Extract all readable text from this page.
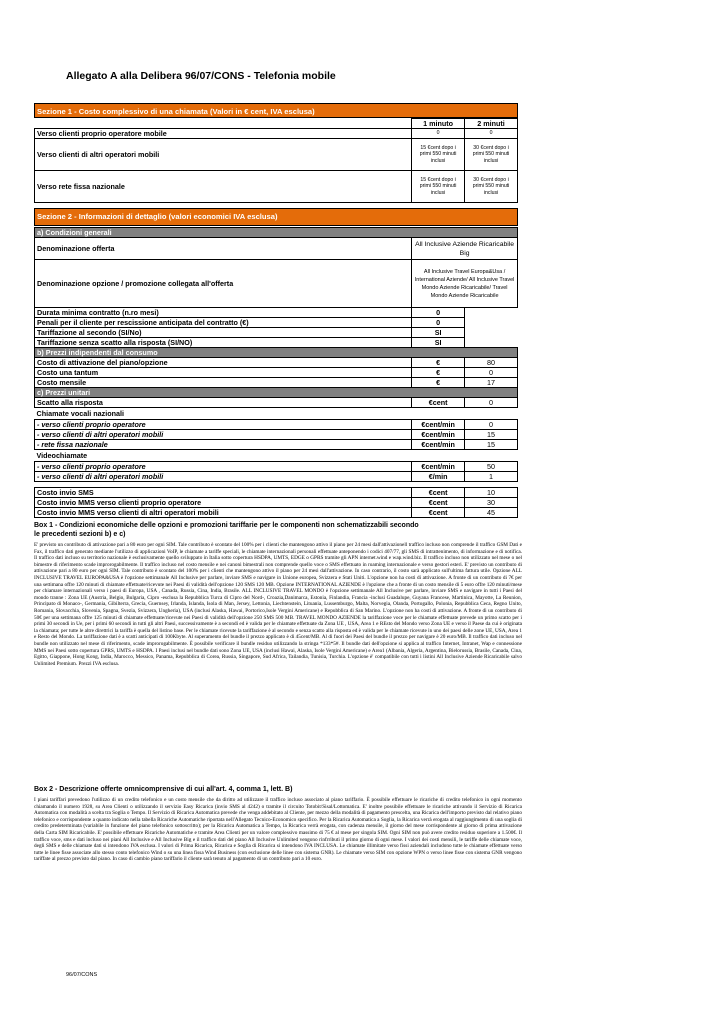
Allegato A alla Delibera 96/07/CONS - Telefonia mobile
Sezione 1 - Costo complessivo di una chiamata (Valori in € cent, IVA esclusa)
	1 minuto	2 minuti
Verso clienti proprio operatore mobile	0	0
Verso clienti di altri operatori mobili	15 €cent dopo i primi 550 minuti inclusi	30 €cent dopo i primi 550 minuti inclusi
Verso rete fissa nazionale	15 €cent dopo i primi 550 minuti inclusi	30 €cent dopo i primi 550 minuti inclusi
Sezione 2 - Informazioni di dettaglio (valori economici IVA esclusa)
a) Condizioni generali		
Denominazione offerta	All Inclusive Aziende Ricaricabile Big	
Denominazione opzione / promozione collegata all'offerta	All Inclusive Travel Europa&Usa / International Aziende/ All Inclusive Travel Mondo Aziende Ricaricabile/ Travel Mondo Aziende Ricaricabile	
Durata minima contratto (n.ro mesi)	0	
Penali per il cliente per rescissione anticipata del contratto (€)	0	
Tariffazione al secondo (SI/No)	SI	
Tariffazione senza scatto alla risposta (SI/NO)	SI	
b) Prezzi indipendenti dal consumo		
Costo di attivazione del piano/opzione	€	80
Costo una tantum	€	0
Costo mensile	€	17
c) Prezzi unitari		
Scatto alla risposta	€cent	0
Chiamate vocali nazionali		
- verso clienti proprio operatore	€cent/min	0
- verso clienti di altri operatori mobili	€cent/min	15
- rete fissa nazionale	€cent/min	15
Videochiamate		
- verso clienti proprio operatore	€cent/min	50
- verso clienti di altri operatori mobili	€/min	1

Costo invio SMS	€cent	10
Costo invio MMS verso clienti proprio operatore	€cent	30
Costo invio MMS verso clienti di altri operatori mobili	€cent	45
Box 1 - Condizioni economiche delle opzioni e promozioni tariffarie per le componenti non schematizzabili secondo le precedenti sezioni b) e c)
E' previsto un contributo di attivazione pari a 80 euro per ogni SIM. Tale contributo è scontato del 100% per i clienti che mantengono attivo il piano per 24 mesi dall'attivazionell traffico incluso non comprende il traffico GSM Dati e Fax, il traffico dati generato mediante l'utilizzo di applicazioni VoIP, le chiamate a tariffe speciali, le chiamate internazionali personali effettuate anteponendo i codici 407/77, gli SMS di intrattenimento, di informazione e di notifica. Il traffico dati incluso su territorio nazionale è esclusivamente quello sviluppato in Italia sotto copertura HSDPA, UMTS, EDGE o GPRS tramite gli APN internet.wind e wap.wind.biz. Il traffico incluso non utilizzato nel mese o nel bimestre di riferimento scade improrogabilmente. Il traffico incluso nel costo mensile e nei canoni bimestrali non comprende quello voce o SMS effettuato in roaming internazionale e verso gestori esteri. E' previsto un contributo di attivazione pari a 80 euro per ogni SIM. Tale contributo è scontato del 100% per i clienti che mantengono attivo il piano per 24 mesi dall'attivazione. In caso contrario, il costo sarà applicato sull'ultima fattura utile. Opzione ALL INCLUSIVE TRAVEL EUROPA&USA è l'opzione settimanale All Inclusive per parlare, inviare SMS e navigare in Unione europea, Svizzera e Stati Uniti. L'opzione non ha costi di attivazione. A fronte di un contributo di 7€ per una settimana offre 120 minuti di chiamate effettuate/ricevute nei Paesi di validità dell'opzione 120 SMS 120 MB. Opzione INTERNATIONAL AZIENDE è l'opzione che a fronte di un costo mensile di 5 euro offre 120 minuti/mese per chiamare internazionali verso i paesi di Europa, USA , Canada, Russia, Cina, India, Brasile. ALL INCLUSIVE TRAVEL MONDO è l'opzione settimanale All Inclusive per parlare, inviare SMS e navigare in tutti i Paesi del mondo tranne : Zona UE (Austria, Belgio, Bulgaria, Cipro -esclusa la Repubblica Turca di Cipro del Nord-, Croazia,Danimarca, Estonia, Finlandia, Francia -inclusi Guadalupe, Guyana Francese, Martinica, Mayotte, La Reunion, Principato di Monaco-, Germania, Gibilterra, Grecia, Guernsey, Irlanda, Islanda, Isola di Man, Jersey, Lettonia, Liechtenstein, Lituania, Lussemburgo, Malta, Norvegia, Olanda, Portogallo, Polonia, Repubblica Ceca, Regno Unito, Romania, Slovacchia, Slovenia, Spagna, Svezia, Svizzera, Ungheria), USA (inclusi Alaska, Hawai, Portorico,Isole Vergini Americane) e Repubblica di San Marino. L'opzione non ha costi di attivazione. A fronte di un contributo di 50€ per una settimana offre 125 minuti di chiamate effettuate/ricevute nei Paesi di validità dell'opzione 250 SMS 500 MB. TRAVEL MONDO AZIENDE la tariffazione voce per le chiamate effettuate prevede un primo scatto per i primi 30 secondi in Ue, per i primi 60 secondi in tutti gli altri Paesi, successivamente è a secondi ed è valida per le chiamate effettuate da Zona UE , USA, Area 1 e REsto del Mondo verso Zona UE e verso il Paese da cui è originata la chiamata; per tutte le altre direttrici la tariffa è quella del listino base. Per le chiamate ricevute la tariffazione è al secondo e senza scatto alla risposta ed è valida per le chiamate ricevute in uno dei paesi delle zone UE, USA, Area 1 e Resto del Mondo. La tariffazione dati è a scatti anticipati di 100Kbyte. Al superamento del bundle il prezzo applicato è di 45cent/MB. Al di fuori dei Paesi del bundle il prezzo per navigare è 20 euro/MB. Il traffico dati incluso nel bundle non utilizzato nel mese di riferimento, scade improrogabilmente. È possibile verificare il bundle residuo utilizzando la stringa *133*5#. Il bundle dati dell'opzione si applica al traffico Internet, Intranet, Wap e connessione MMS nei Paesi sotto copertura GPRS, UMTS e HSDPA. I Paesi inclusi nel bundle dati sono Zona UE, USA (inclusi Hawai, Alaska, Isole Vergini Americane) e Area1 (Albania, Algeria, Argentina, Bielorussia, Brasile, Canada, Cina, Egitto, Giappone, Hong Kong, India, Marocco, Messico, Panama, Repubblica di Corea, Russia, Singapore, Sud Africa, Tailandia, Tunisia, Turchia. L'opzione è' compatibile con tutti i listini All Inclusive Aziende Ricaricabile salvo Unlimited Premium. Prezzi IVA esclusa.
Box 2 - Descrizione offerte omnicomprensive di cui all'art. 4, comma 1, lett. B)
I piani tariffari prevedono l'utilizzo di un credito telefonico e un costo mensile che da diritto ad utilizzare il traffico incluso associato al piano tariffario. È possibile effettuare le ricariche di credito telefonico in ogni momento chiamando il numero 1928, su Area Clienti o utilizzando il servizio Easy Ricarica (invio SMS al 4242) o tramite il circuito Totobit/Sisal/Lottomatica. E' inoltre possibile effettuare le ricariche attivando il Servizio di Ricarica Automatica con modalità a scelta tra Soglia o Tempo. Il Servizio di Ricarica Automatica prevede che venga addebitato al Cliente, per mezzo della modalità di pagamento prescelta, una Ricarica dell'importo previsto dal relativo piano telefonico e corrispondente a quanto indicato nella tabella Ricariche Automatiche riportata nell'Allegato Tecnico-Economico specifico. Per la Ricarica Automatica a Soglia, la Ricarica verrà erogata al raggiungimento di una soglia di credito predeterminata (variabile in funzione del piano telefonico sottoscritto); per la Ricarica Automatica a Tempo, la Ricarica verrà erogata, con cadenza mensile, il giorno del mese corrispondente al giorno di prima attivazione della Carta SIM Ricaricabile. E' possibile effettuare Ricariche Automatiche e tramite Area Clienti per un valore complessivo massimo di 75 € al mese per singola SIM. Ogni SIM non può avere credito residuo superiore a 1.500€. Il traffico voce, sms e dati incluso nei piani All Inclusive e All Inclusive Big e il traffico dati del piano All Inclusive Unlimited vengono rinfrributi il primo giorno di ogni mese. I valori dei costi mensili, le tariffe delle chiamate voce, degli SMS e delle chiamate dati si intendono IVA esclusa. I valori di Prima Ricarica, Ricarica e Soglia di Ricarica si intendono IVA INCLUSA. Le chiamate illimitate verso fissi aziendali includono tutte le chiamate effettuate verso tutte le linee fisse associate allo stesso conto telefonico Wind o su una linea fissa Wind Business (con esclusione delle linee con sistema GNR). Le chiamate verso SIM con opzione WPN o verso linee fisse con sistema GNR vengono tariffate al prezzo previsto dal piano. In caso di cambio piano tariffario il cliente sarà tenuto al pagamento di un contributo pari a 10 euro.
96/07/CONS
